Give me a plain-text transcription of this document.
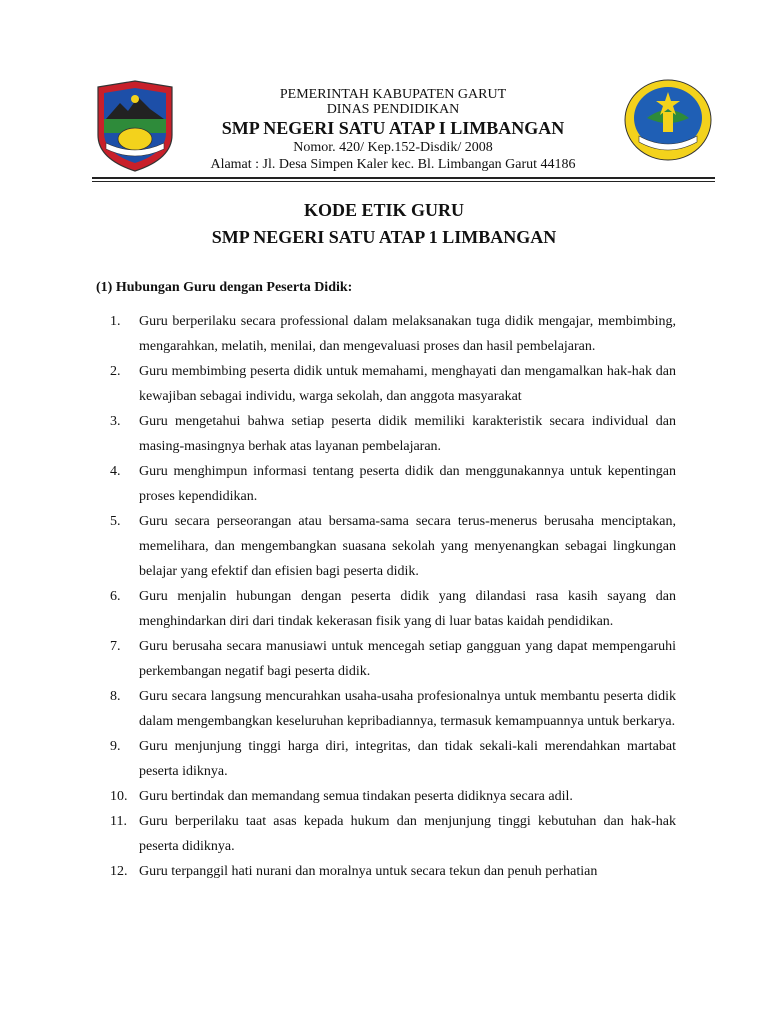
PEMERINTAH KABUPATEN GARUT

DINAS PENDIDIKAN

SMP NEGERI SATU ATAP I LIMBANGAN

Nomor. 420/ Kep.152-Disdik/ 2008

Alamat : Jl. Desa Simpen Kaler kec. Bl. Limbangan Garut 44186

KODE ETIK GURU
SMP NEGERI SATU ATAP 1 LIMBANGAN

(1) Hubungan Guru dengan Peserta Didik:

1.	Guru berperilaku secara professional dalam melaksanakan tuga didik mengajar, membimbing, mengarahkan, melatih, menilai, dan mengevaluasi proses dan hasil pembelajaran.
2.	Guru membimbing peserta didik untuk memahami, menghayati dan mengamalkan hak-hak dan kewajiban sebagai individu, warga sekolah, dan anggota masyarakat
3.	Guru mengetahui bahwa setiap peserta didik memiliki karakteristik secara individual dan masing-masingnya berhak atas layanan pembelajaran.
4.	Guru menghimpun informasi tentang peserta didik dan menggunakannya untuk kepentingan proses kependidikan.
5.	Guru secara perseorangan atau bersama-sama secara terus-menerus berusaha menciptakan, memelihara, dan mengembangkan suasana sekolah yang menyenangkan sebagai lingkungan belajar yang efektif dan efisien bagi peserta didik.
6.	Guru menjalin hubungan dengan peserta didik yang dilandasi rasa kasih sayang dan menghindarkan diri dari tindak kekerasan fisik yang di luar batas kaidah pendidikan.
7.	Guru berusaha secara manusiawi untuk mencegah setiap gangguan yang dapat mempengaruhi perkembangan negatif bagi peserta didik.
8.	Guru secara langsung mencurahkan usaha-usaha profesionalnya untuk membantu peserta didik dalam mengembangkan keseluruhan kepribadiannya, termasuk kemampuannya untuk berkarya.
9.	Guru menjunjung tinggi harga diri, integritas, dan tidak sekali-kali merendahkan martabat peserta idiknya.
10. Guru bertindak dan memandang semua tindakan peserta didiknya secara adil.
11. Guru berperilaku taat asas kepada hukum dan menjunjung tinggi kebutuhan dan hak-hak peserta didiknya.
12. Guru terpanggil hati nurani dan moralnya untuk secara tekun dan penuh perhatian
